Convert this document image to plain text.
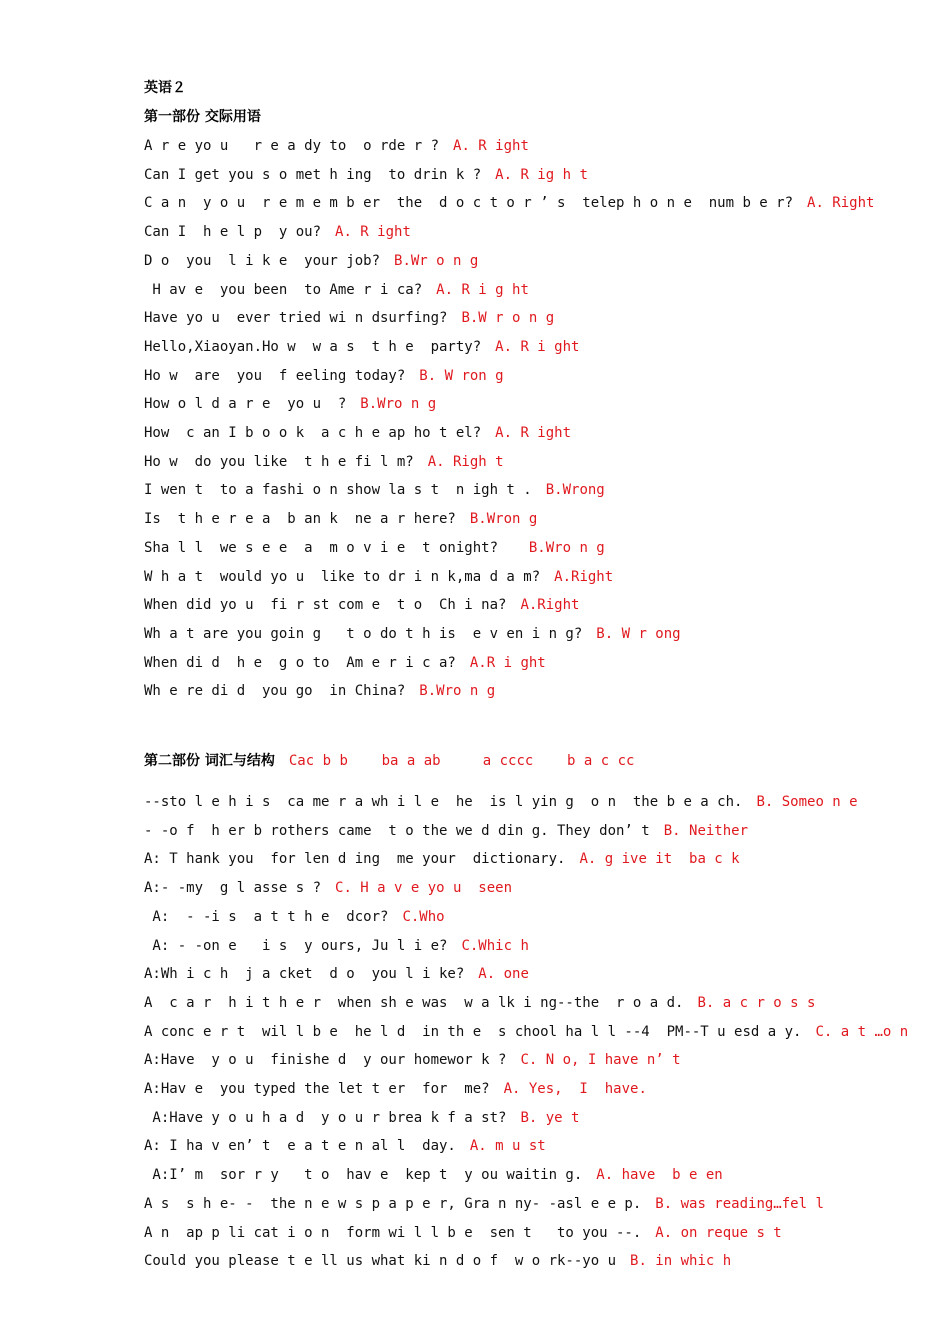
英语２
第一部份 交际用语
A r e yo u   r e a dy to  o rde r ? A. R ight
Can I get you s o met h ing  to drin k ? A. R ig h t
C a n  y o u  r e m e m b er  the  d o c t o r ’ s  telep h o n e  num b e r? A. Right
Can I  h e l p  y ou? A. R ight
D o  you  l i k e  your job? B.Wr o n g
H av e  you been  to Ame r i ca? A. R i g ht
Have yo u  ever tried wi n dsurfing? B.W r o n g
Hello,Xiaoyan.Ho w  w a s  t h e  party? A. R i ght
Ho w  are  you  f eeling today? B. W ron g
How o l d a r e  yo u  ? B.Wro n g
How  c an I b o o k  a c h e ap ho t el? A. R ight
Ho w  do you like  t h e fi l m? A. Righ t
I wen t  to a fashi o n show la s t  n igh t . B.Wrong
Is  t h e r e a  b an k  ne a r here? B.Wron g
Sha l l  we s e e  a  m o v i e  t onight?  B.Wro n g
W h a t  would yo u  like to dr i n k,ma d a m? A.Right
When did yo u  fi r st com e  t o  Ch i na? A.Right
Wh a t are you goin g   t o do t h is  e v en i n g? B. W r ong
When di d  h e  g o to  Am e r i c a? A.R i ght
Wh e re di d  you go  in China? B.Wro n g
第二部份 词汇与结构 Cac b b    ba a ab     a cccc    b a c cc
--sto l e h i s  ca me r a wh i l e  he  is l yin g  o n  the b e a ch. B. Someo n e
- -o f  h er b rothers came  t o the we d din g. They don’ t B. Neither
A: T hank you  for len d ing  me your  dictionary. A. g ive it  ba c k
A:- -my  g l asse s ? C. H a v e yo u  seen
A:  - -i s  a t t h e  dcor? C.Who
A: - -on e   i s  y ours, Ju l i e? C.Whic h
A:Wh i c h  j a cket  d o  you l i ke? A. one
A  c a r  h i t h e r  when sh e was  w a lk i ng--the  r o a d. B. a c r o s s
A conc e r t  wil l b e  he l d  in th e  s chool ha l l --4  PM--T u esd a y. C. a t …o n
A:Have  y o u  finishe d  y our homewor k ? C. N o, I have n’ t
A:Hav e  you typed the let t er  for  me? A. Yes,  I  have.
A:Have y o u h a d  y o u r brea k f a st? B. ye t
A: I ha v en’ t  e a t e n al l  day. A. m u st
A:I’ m  sor r y   t o  hav e  kep t  y ou waitin g. A. have  b e en
A s  s h e- -  the n e w s p a p e r, Gra n ny- -asl e e p. B. was reading…fel l
A n  ap p li cat i o n  form wi l l b e  sen t   to you --. A. on reque s t
Could you please t e ll us what ki n d o f  w o rk--yo u B. in whic h
